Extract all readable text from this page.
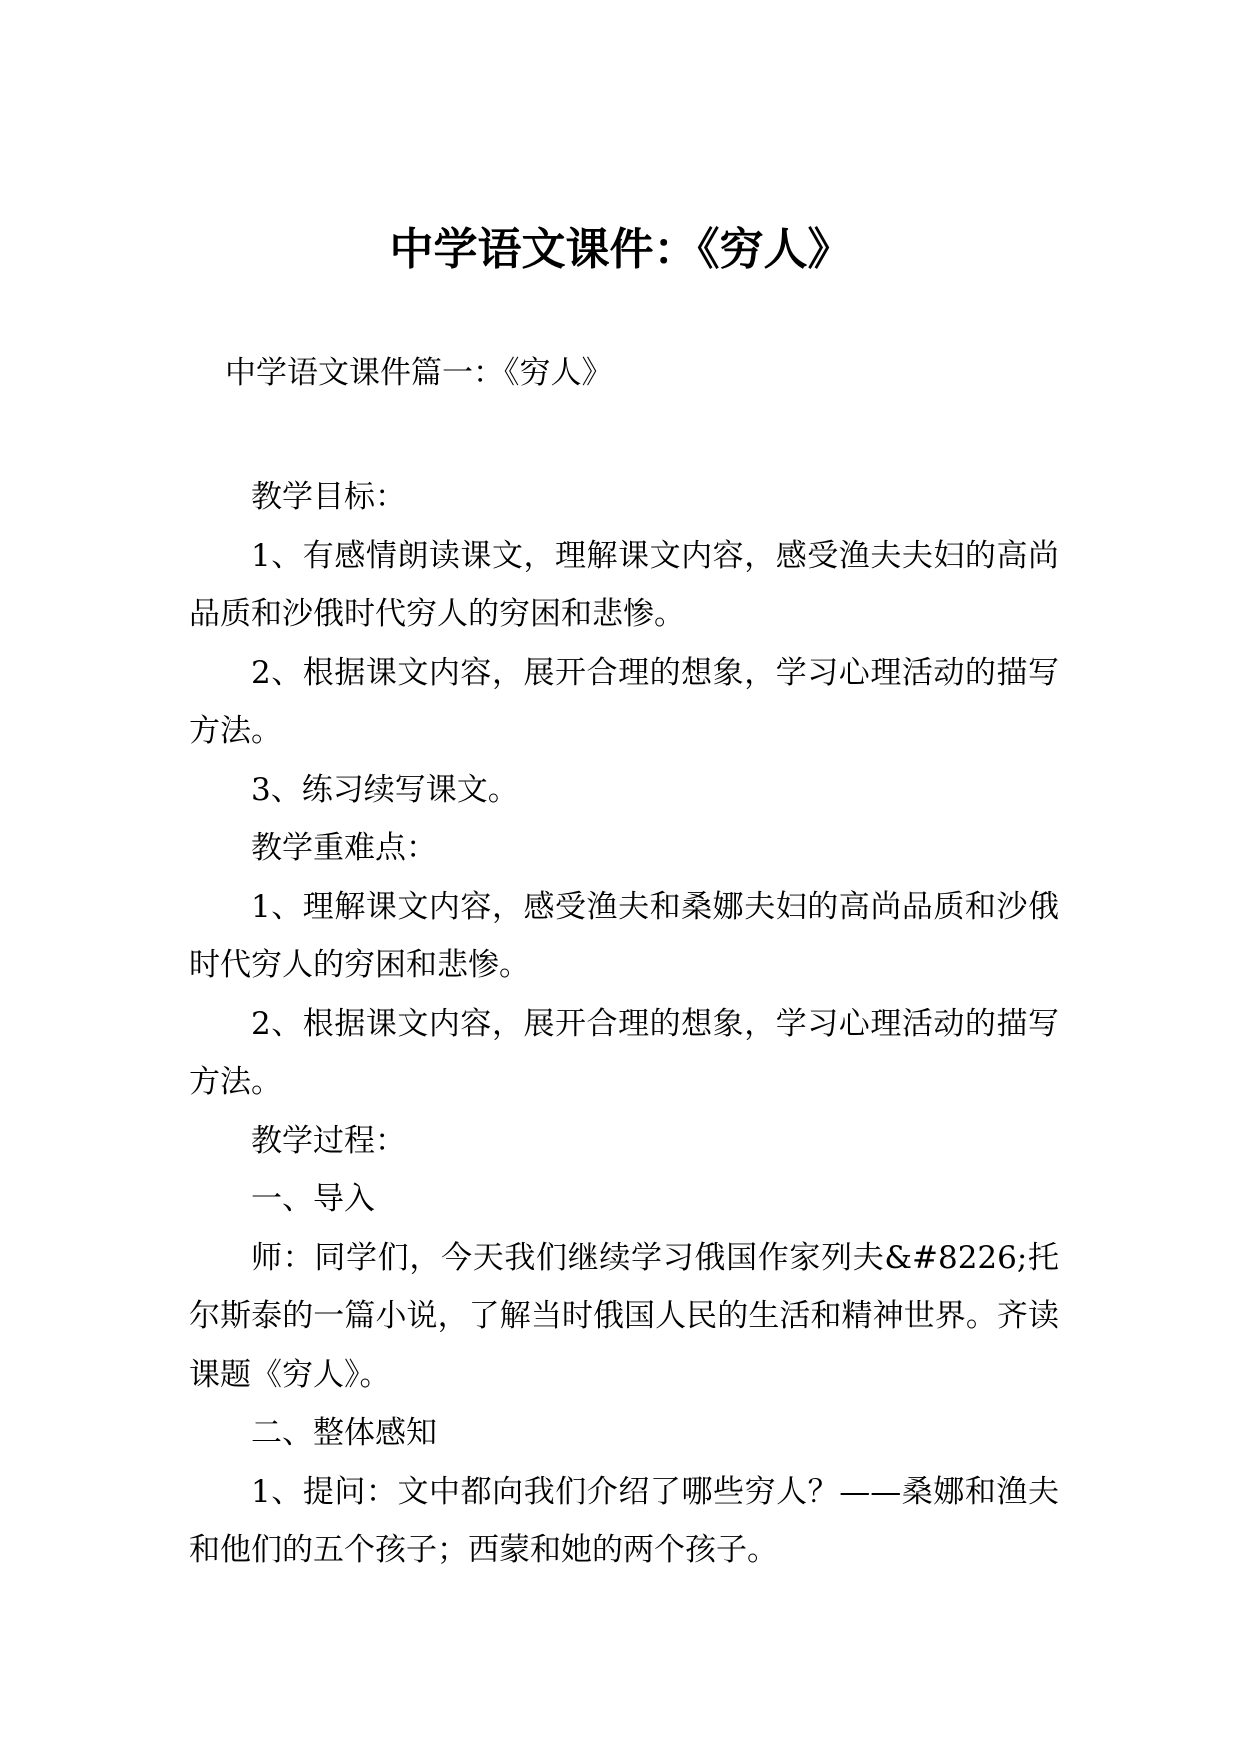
中学语文课件：《穷人》
中学语文课件篇一：《穷人》

教学目标：

1、有感情朗读课文，理解课文内容，感受渔夫夫妇的高尚品质和沙俄时代穷人的穷困和悲惨。

2、根据课文内容，展开合理的想象，学习心理活动的描写方法。

3、练习续写课文。

教学重难点：

1、理解课文内容，感受渔夫和桑娜夫妇的高尚品质和沙俄时代穷人的穷困和悲惨。

2、根据课文内容，展开合理的想象，学习心理活动的描写方法。

教学过程：

一、导入

师：同学们，今天我们继续学习俄国作家列夫&#8226;托尔斯泰的一篇小说，了解当时俄国人民的生活和精神世界。齐读课题《穷人》。

二、整体感知

1、提问：文中都向我们介绍了哪些穷人？——桑娜和渔夫和他们的五个孩子；西蒙和她的两个孩子。
